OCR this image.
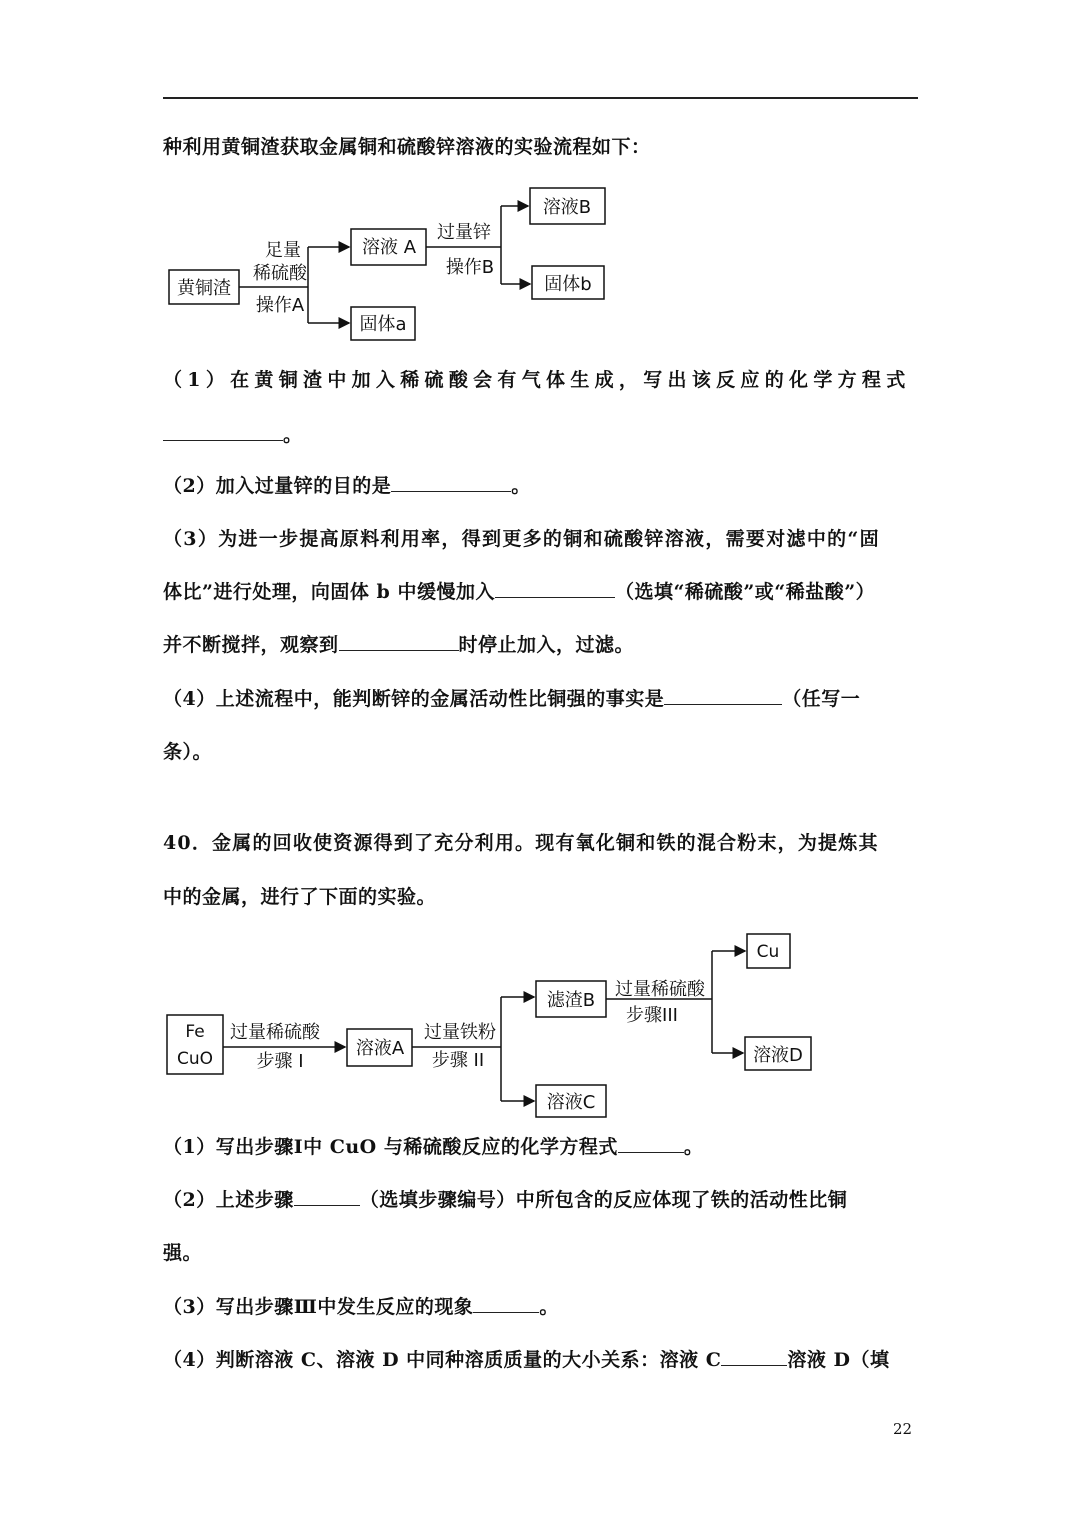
种利用黄铜渣获取金属铜和硫酸锌溶液的实验流程如下：
黄铜渣
足量
稀硫酸
操作A
溶液 A
固体a
过量锌
操作B
溶液B
固体b
（1）在黄铜渣中加入稀硫酸会有气体生成，写出该反应的化学方程式
。
（2）加入过量锌的目的是	。
（3）为进一步提高原料利用率，得到更多的铜和硫酸锌溶液，需要对滤中的“固
体比”进行处理，向固体 b 中缓慢加入	（选填“稀硫酸”或“稀盐酸”）
并不断搅拌，观察到	时停止加入，过滤。
（4）上述流程中，能判断锌的金属活动性比铜强的事实是	（任写一
条）。
40．金属的回收使资源得到了充分利用。现有氧化铜和铁的混合粉末，为提炼其
中的金属，进行了下面的实验。
Fe
CuO
过量稀硫酸
步骤 I
溶液A
过量铁粉
步骤 II
滤渣B
溶液C
过量稀硫酸
步骤III
Cu
溶液D
（1）写出步骤Ⅰ中 CuO 与稀硫酸反应的化学方程式	。
（2）上述步骤	（选填步骤编号）中所包含的反应体现了铁的活动性比铜
强。
（3）写出步骤Ⅲ中发生反应的现象	。
（4）判断溶液 C、溶液 D 中同种溶质质量的大小关系：溶液 C	溶液 D（填
22
